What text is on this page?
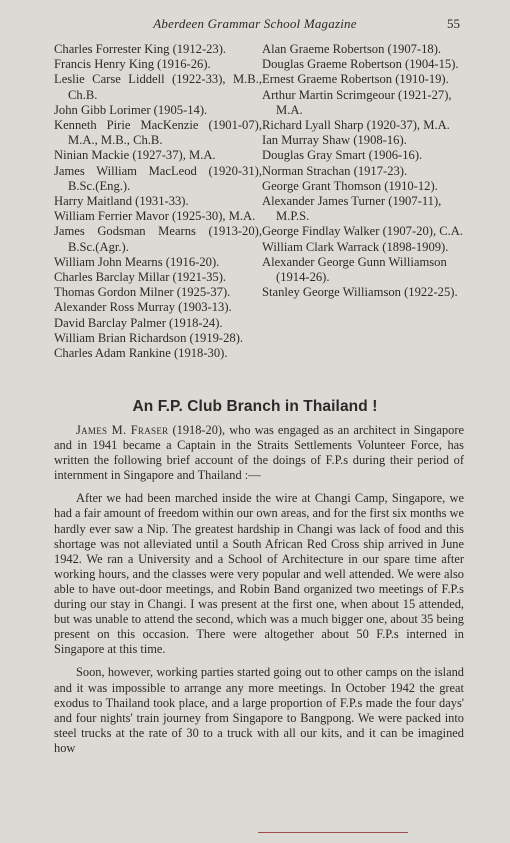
Aberdeen Grammar School Magazine	55

Charles Forrester King (1912-23).

Francis Henry King (1916-26).

Leslie Carse Liddell (1922-33), M.B., Ch.B.

John Gibb Lorimer (1905-14).

Kenneth Pirie MacKenzie (1901-07), M.A., M.B., Ch.B.

Ninian Mackie (1927-37), M.A.

James William MacLeod (1920-31), B.Sc.(Eng.).

Harry Maitland (1931-33).

William Ferrier Mavor (1925-30), M.A.

James Godsman Mearns (1913-20), B.Sc.(Agr.).

William John Mearns (1916-20).

Charles Barclay Millar (1921-35).

Thomas Gordon Milner (1925-37).

Alexander Ross Murray (1903-13).

David Barclay Palmer (1918-24).

William Brian Richardson (1919-28).

Charles Adam Rankine (1918-30).

Alan Graeme Robertson (1907-18).

Douglas Graeme Robertson (1904-15).

Ernest Graeme Robertson (1910-19).

Arthur Martin Scrimgeour (1921-27), M.A.

Richard Lyall Sharp (1920-37), M.A.

Ian Murray Shaw (1908-16).

Douglas Gray Smart (1906-16).

Norman Strachan (1917-23).

George Grant Thomson (1910-12).

Alexander James Turner (1907-11), M.P.S.

George Findlay Walker (1907-20), C.A.

William Clark Warrack (1898-1909).

Alexander George Gunn Williamson (1914-26).

Stanley George Williamson (1922-25).

An F.P. Club Branch in Thailand !

James M. Fraser (1918-20), who was engaged as an architect in Singapore and in 1941 became a Captain in the Straits Settlements Volunteer Force, has written the following brief account of the doings of F.P.s during their period of internment in Singapore and Thailand :—

After we had been marched inside the wire at Changi Camp, Singapore, we had a fair amount of freedom within our own areas, and for the first six months we hardly ever saw a Nip. The greatest hardship in Changi was lack of food and this shortage was not alleviated until a South African Red Cross ship arrived in June 1942. We ran a University and a School of Architecture in our spare time after working hours, and the classes were very popular and well attended. We were also able to have out-door meetings, and Robin Band organized two meetings of F.P.s during our stay in Changi. I was present at the first one, when about 15 attended, but was unable to attend the second, which was a much bigger one, about 35 being present on this occasion. There were altogether about 50 F.P.s interned in Singapore at this time.

Soon, however, working parties started going out to other camps on the island and it was impossible to arrange any more meetings. In October 1942 the great exodus to Thailand took place, and a large proportion of F.P.s made the four days' and four nights' train journey from Singapore to Bangpong. We were packed into steel trucks at the rate of 30 to a truck with all our kits, and it can be imagined how
